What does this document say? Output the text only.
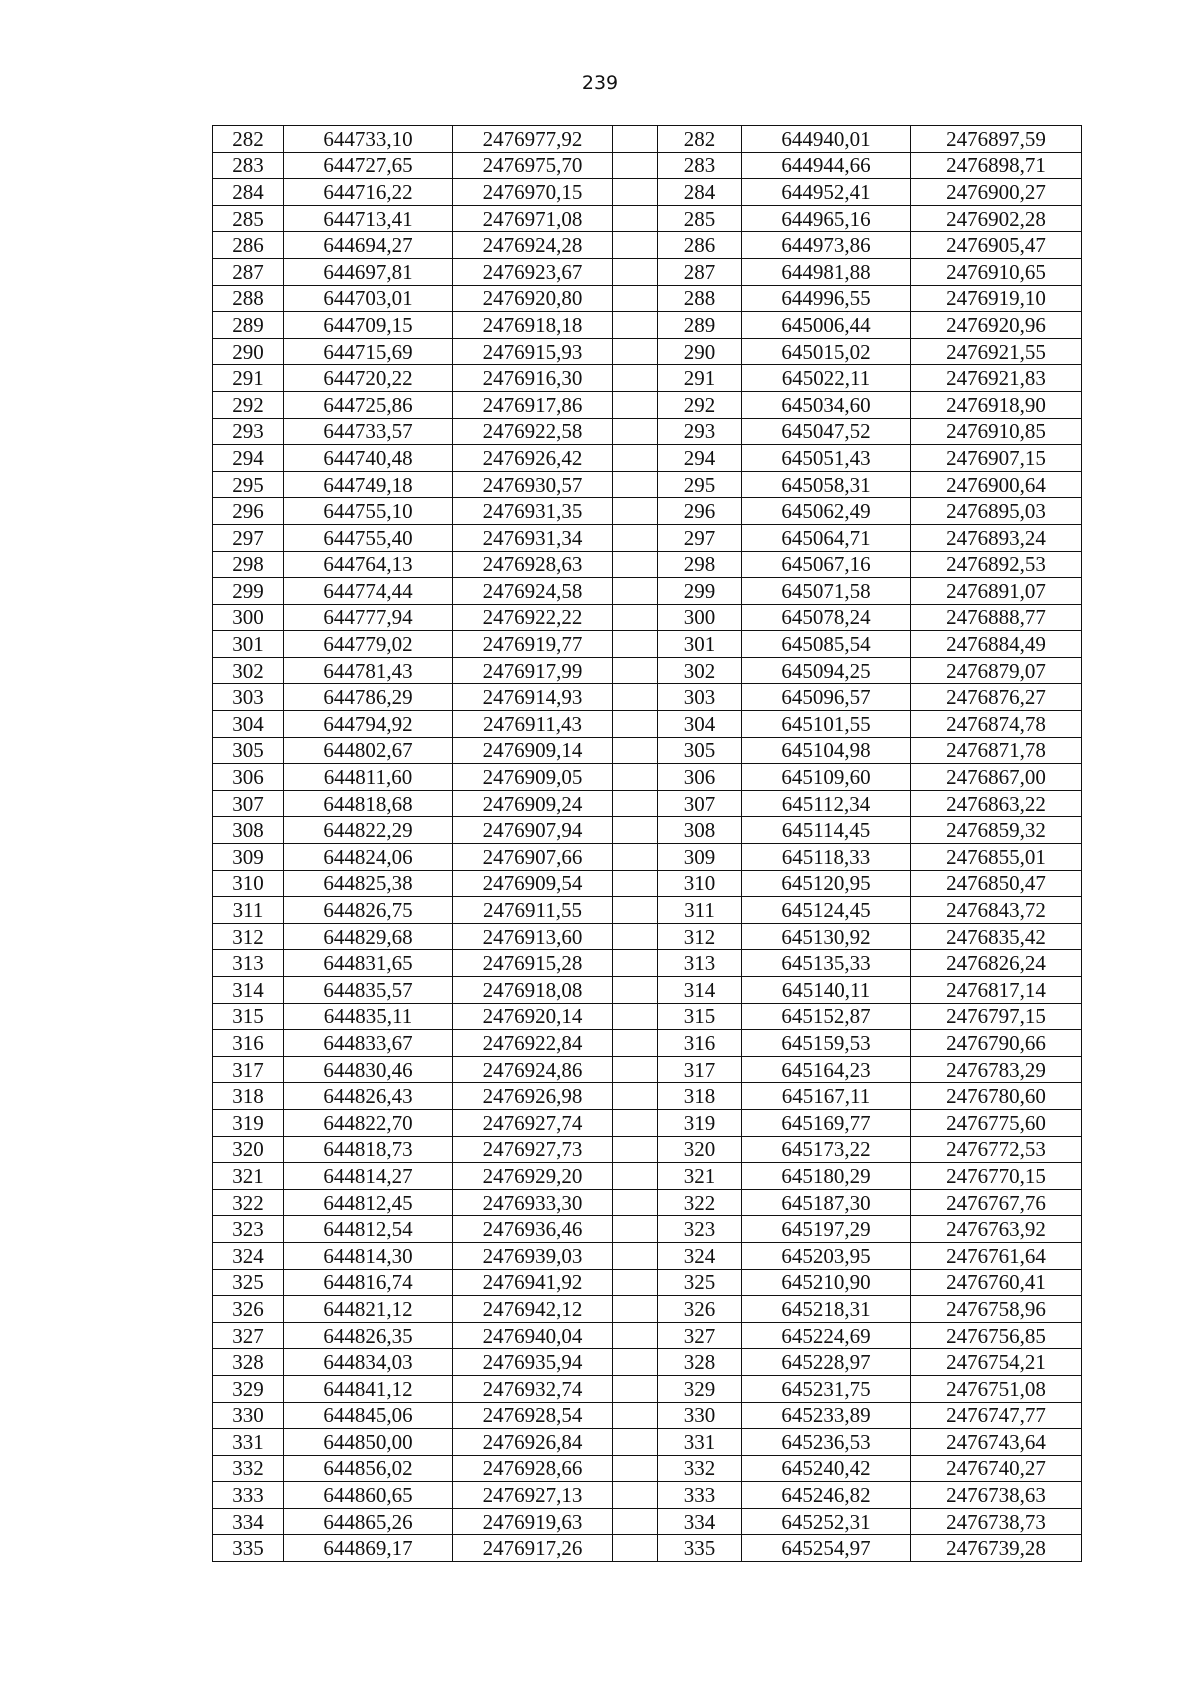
239
282	644733,10	2476977,92		282	644940,01	2476897,59
283	644727,65	2476975,70		283	644944,66	2476898,71
284	644716,22	2476970,15		284	644952,41	2476900,27
285	644713,41	2476971,08		285	644965,16	2476902,28
286	644694,27	2476924,28		286	644973,86	2476905,47
287	644697,81	2476923,67		287	644981,88	2476910,65
288	644703,01	2476920,80		288	644996,55	2476919,10
289	644709,15	2476918,18		289	645006,44	2476920,96
290	644715,69	2476915,93		290	645015,02	2476921,55
291	644720,22	2476916,30		291	645022,11	2476921,83
292	644725,86	2476917,86		292	645034,60	2476918,90
293	644733,57	2476922,58		293	645047,52	2476910,85
294	644740,48	2476926,42		294	645051,43	2476907,15
295	644749,18	2476930,57		295	645058,31	2476900,64
296	644755,10	2476931,35		296	645062,49	2476895,03
297	644755,40	2476931,34		297	645064,71	2476893,24
298	644764,13	2476928,63		298	645067,16	2476892,53
299	644774,44	2476924,58		299	645071,58	2476891,07
300	644777,94	2476922,22		300	645078,24	2476888,77
301	644779,02	2476919,77		301	645085,54	2476884,49
302	644781,43	2476917,99		302	645094,25	2476879,07
303	644786,29	2476914,93		303	645096,57	2476876,27
304	644794,92	2476911,43		304	645101,55	2476874,78
305	644802,67	2476909,14		305	645104,98	2476871,78
306	644811,60	2476909,05		306	645109,60	2476867,00
307	644818,68	2476909,24		307	645112,34	2476863,22
308	644822,29	2476907,94		308	645114,45	2476859,32
309	644824,06	2476907,66		309	645118,33	2476855,01
310	644825,38	2476909,54		310	645120,95	2476850,47
311	644826,75	2476911,55		311	645124,45	2476843,72
312	644829,68	2476913,60		312	645130,92	2476835,42
313	644831,65	2476915,28		313	645135,33	2476826,24
314	644835,57	2476918,08		314	645140,11	2476817,14
315	644835,11	2476920,14		315	645152,87	2476797,15
316	644833,67	2476922,84		316	645159,53	2476790,66
317	644830,46	2476924,86		317	645164,23	2476783,29
318	644826,43	2476926,98		318	645167,11	2476780,60
319	644822,70	2476927,74		319	645169,77	2476775,60
320	644818,73	2476927,73		320	645173,22	2476772,53
321	644814,27	2476929,20		321	645180,29	2476770,15
322	644812,45	2476933,30		322	645187,30	2476767,76
323	644812,54	2476936,46		323	645197,29	2476763,92
324	644814,30	2476939,03		324	645203,95	2476761,64
325	644816,74	2476941,92		325	645210,90	2476760,41
326	644821,12	2476942,12		326	645218,31	2476758,96
327	644826,35	2476940,04		327	645224,69	2476756,85
328	644834,03	2476935,94		328	645228,97	2476754,21
329	644841,12	2476932,74		329	645231,75	2476751,08
330	644845,06	2476928,54		330	645233,89	2476747,77
331	644850,00	2476926,84		331	645236,53	2476743,64
332	644856,02	2476928,66		332	645240,42	2476740,27
333	644860,65	2476927,13		333	645246,82	2476738,63
334	644865,26	2476919,63		334	645252,31	2476738,73
335	644869,17	2476917,26		335	645254,97	2476739,28
